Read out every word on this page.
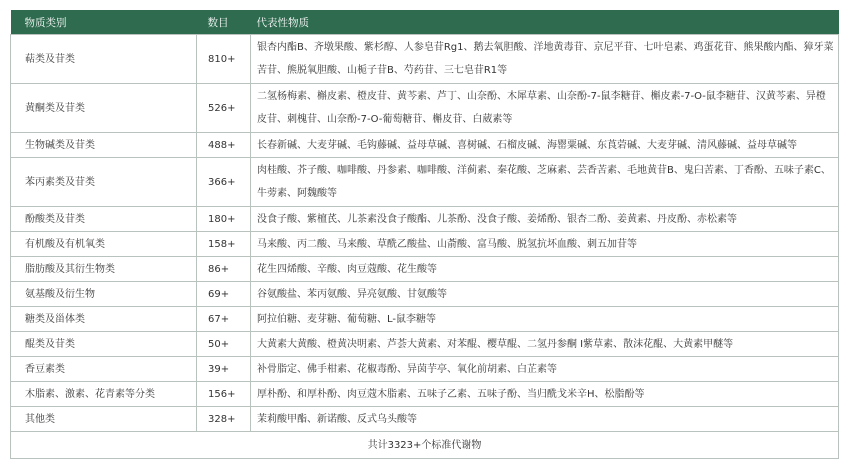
物质类别	数目	代表性物质
萜类及苷类	810+	银杏内酯B、齐墩果酸、紫杉醇、人参皂苷Rg1、鹅去氧胆酸、洋地黄毒苷、京尼平苷、七叶皂素、鸡蛋花苷、熊果酸内酯、獐牙菜苦苷、熊脱氧胆酸、山栀子苷B、芍药苷、三七皂苷R1等
黄酮类及苷类	526+	二氢杨梅素、槲皮素、橙皮苷、黄芩素、芦丁、山奈酚、木犀草素、山奈酚-7-鼠李糖苷、槲皮素-7-O-鼠李糖苷、汉黄芩素、异橙皮苷、刺槐苷、山奈酚-7-O-葡萄糖苷、槲皮苷、白葳素等
生物碱类及苷类	488+	长春新碱、大麦芽碱、毛钩藤碱、益母草碱、喜树碱、石榴皮碱、海罂粟碱、东莨菪碱、大麦芽碱、清风藤碱、益母草碱等
苯丙素类及苷类	366+	肉桂酸、芥子酸、咖啡酸、丹参素、咖啡酸、洋蓟素、秦花酸、芝麻素、芸香苦素、毛地黄苷B、鬼臼苦素、丁香酚、五味子素C、牛蒡素、阿魏酸等
酚酸类及苷类	180+	没食子酸、紫檀芪、儿茶素没食子酸酯、儿茶酚、没食子酸、姜烯酚、银杏二酚、姜黄素、丹皮酚、赤松素等
有机酸及有机氧类	158+	马来酸、丙二酸、马来酸、草酰乙酸盐、山萮酸、富马酸、脱氢抗坏血酸、刺五加苷等
脂肪酸及其衍生物类	86+	花生四烯酸、辛酸、肉豆蔻酸、花生酸等
氨基酸及衍生物	69+	谷氨酸盐、苯丙氨酸、异亮氨酸、甘氨酸等
糖类及甾体类	67+	阿拉伯糖、麦芽糖、葡萄糖、L-鼠李糖等
醌类及苷类	50+	大黄素大黄酸、橙黄决明素、芦荟大黄素、对苯醌、樱草醌、二氢丹参酮 Ⅰ紫草素、散沫花醌、大黄素甲醚等
香豆素类	39+	补骨脂定、佛手柑素、花椒毒酚、异茵芋亭、氧化前胡素、白芷素等
木脂素、激素、花青素等分类	156+	厚朴酚、和厚朴酚、肉豆蔻木脂素、五味子乙素、五味子酚、当归酰戈米辛H、松脂酚等
其他类	328+	茉莉酸甲酯、新诺酸、反式乌头酸等
共计3323+个标准代谢物		
